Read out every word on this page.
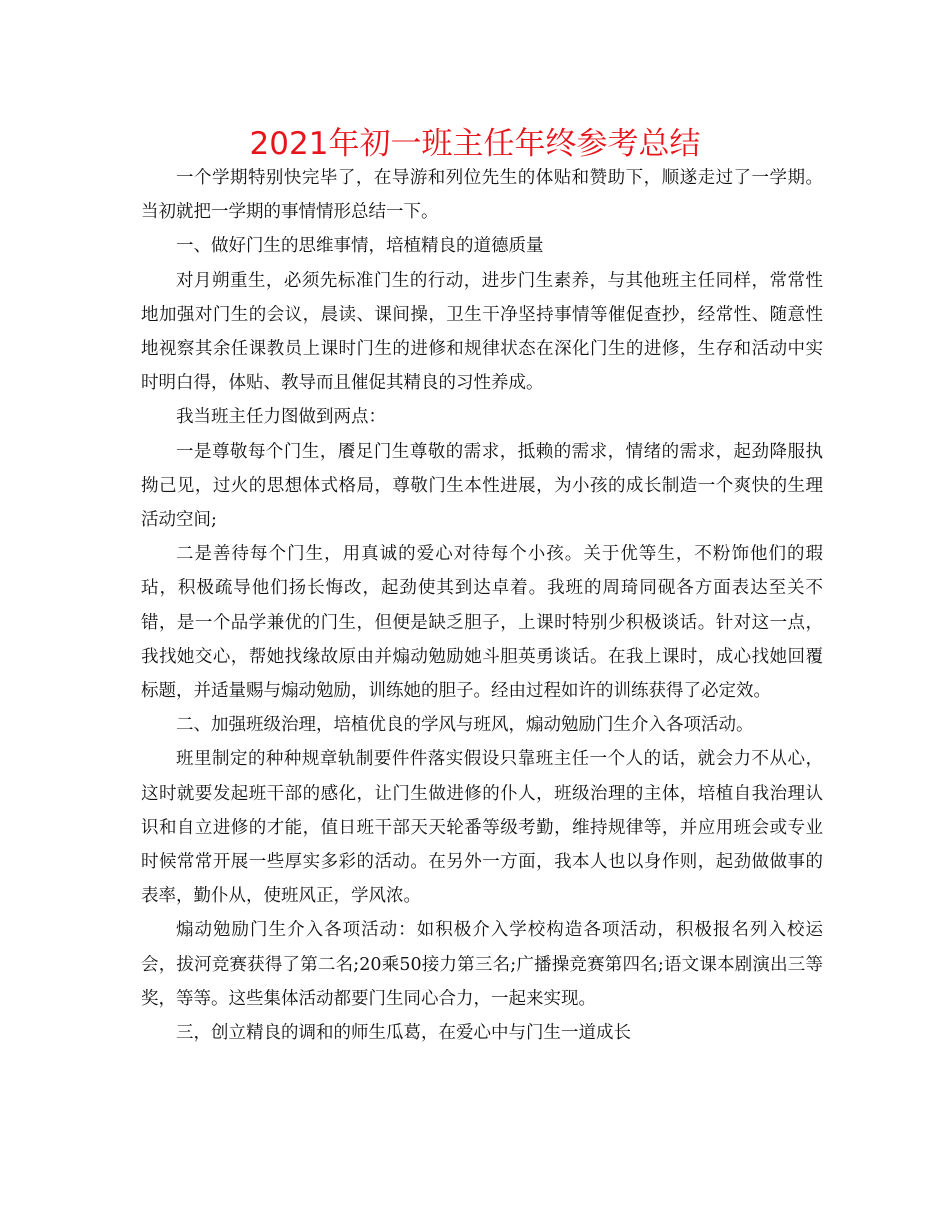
2021年初一班主任年终参考总结

一个学期特别快完毕了，在导游和列位先生的体贴和赞助下，顺遂走过了一学期。当初就把一学期的事情情形总结一下。

一、做好门生的思维事情，培植精良的道德质量

对月朔重生，必须先标准门生的行动，进步门生素养，与其他班主任同样，常常性地加强对门生的会议，晨读、课间操，卫生干净坚持事情等催促查抄，经常性、随意性地视察其余任课教员上课时门生的进修和规律状态在深化门生的进修，生存和活动中实时明白得，体贴、教导而且催促其精良的习性养成。

我当班主任力图做到两点：

一是尊敬每个门生，餍足门生尊敬的需求，抵赖的需求，情绪的需求，起劲降服执拗己见，过火的思想体式格局，尊敬门生本性进展，为小孩的成长制造一个爽快的生理活动空间;

二是善待每个门生，用真诚的爱心对待每个小孩。关于优等生，不粉饰他们的瑕玷，积极疏导他们扬长悔改，起劲使其到达卓着。我班的周琦同砚各方面表达至关不错，是一个品学兼优的门生，但便是缺乏胆子，上课时特别少积极谈话。针对这一点，我找她交心，帮她找缘故原由并煽动勉励她斗胆英勇谈话。在我上课时，成心找她回覆标题，并适量赐与煽动勉励，训练她的胆子。经由过程如许的训练获得了必定效。

二、加强班级治理，培植优良的学风与班风，煽动勉励门生介入各项活动。

班里制定的种种规章轨制要件件落实假设只靠班主任一个人的话，就会力不从心，这时就要发起班干部的感化，让门生做进修的仆人，班级治理的主体，培植自我治理认识和自立进修的才能，值日班干部天天轮番等级考勤，维持规律等，并应用班会或专业时候常常开展一些厚实多彩的活动。在另外一方面，我本人也以身作则，起劲做做事的表率，勤仆从，使班风正，学风浓。

煽动勉励门生介入各项活动：如积极介入学校构造各项活动，积极报名列入校运会，拔河竞赛获得了第二名;20乘50接力第三名;广播操竞赛第四名;语文课本剧演出三等奖，等等。这些集体活动都要门生同心合力，一起来实现。

三，创立精良的调和的师生瓜葛，在爱心中与门生一道成长
